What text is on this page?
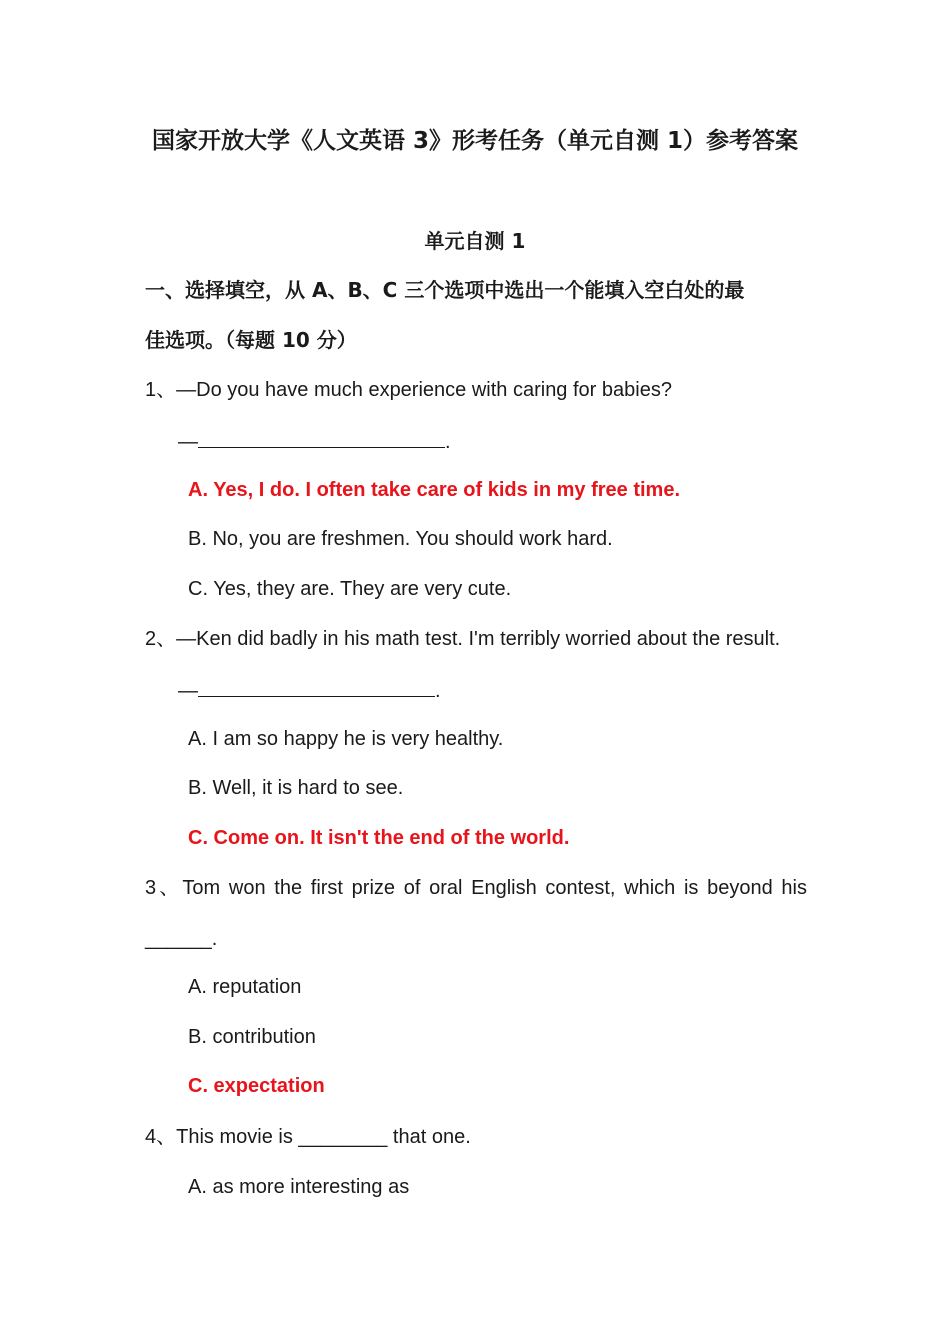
国家开放大学《人文英语 3》形考任务（单元自测 1）参考答案
单元自测 1
一、选择填空，从 A、B、C 三个选项中选出一个能填入空白处的最
佳选项。（每题 10 分）
1、—Do you have much experience with caring for babies?
—	.
A. Yes, I do. I often take care of kids in my free time.
B. No, you are freshmen. You should work hard.
C. Yes, they are. They are very cute.
2、—Ken did badly in his math test. I'm terribly worried about the result.
—	.
A. I am so happy he is very healthy.
B. Well, it is hard to see.
C. Come on. It isn't the end of the world.
3、Tom won the first prize of oral English contest, which is beyond his
______.
A. reputation
B. contribution
C. expectation
4、This movie is ________ that one.
A. as more interesting as
